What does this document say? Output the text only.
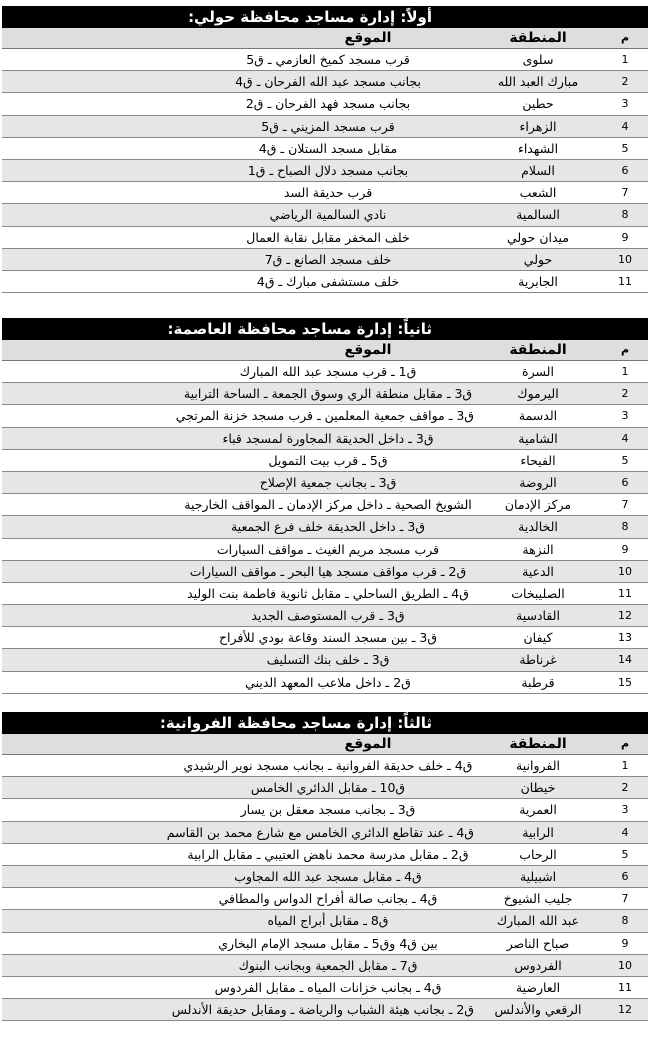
أولاً: إدارة مساجد محافظة حولي:
م
المنطقة
الموقع
1
سلوى
قرب مسجد كميخ العازمي ـ ق5
2
مبارك العبد الله
بجانب مسجد عبد الله الفرحان ـ ق4
3
حطين
بجانب مسجد فهد الفرحان ـ ق2
4
الزهراء
قرب مسجد المزيني ـ ق5
5
الشهداء
مقابل مسجد الستلان ـ ق4
6
السلام
بجانب مسجد دلال الصباح ـ ق1
7
الشعب
قرب حديقة السد
8
السالمية
نادي السالمية الرياضي
9
ميدان حولي
خلف المخفر مقابل نقابة العمال
10
حولي
خلف مسجد الصانع ـ ق7
11
الجابرية
خلف مستشفى مبارك ـ ق4
ثانياً: إدارة مساجد محافظة العاصمة:
م
المنطقة
الموقع
1
السرة
ق1 ـ قرب مسجد عبد الله المبارك
2
اليرموك
ق3 ـ مقابل منطقة الري وسوق الجمعة ـ الساحة الترابية
3
الدسمة
ق3 ـ مواقف جمعية المعلمين ـ قرب مسجد خزنة المرتجي
4
الشامية
ق3 ـ داخل الحديقة المجاورة لمسجد قباء
5
الفيحاء
ق5 ـ قرب بيت التمويل
6
الروضة
ق3 ـ بجانب جمعية الإصلاح
7
مركز الإدمان
الشويخ الصحية ـ داخل مركز الإدمان ـ المواقف الخارجية
8
الخالدية
ق3 ـ داخل الحديقة خلف فرع الجمعية
9
النزهة
قرب مسجد مريم الغيث ـ مواقف السيارات
10
الدعية
ق2 ـ قرب مواقف مسجد هيا البحر ـ مواقف السيارات
11
الصليبخات
ق4 ـ الطريق الساحلي ـ مقابل ثانوية فاطمة بنت الوليد
12
القادسية
ق3 ـ قرب المستوصف الجديد
13
كيفان
ق3 ـ بين مسجد السند وقاعة بودي للأفراح
14
غرناطة
ق3 ـ خلف بنك التسليف
15
قرطبة
ق2 ـ داخل ملاعب المعهد الديني
ثالثاً: إدارة مساجد محافظة الفروانية:
م
المنطقة
الموقع
1
الفروانية
ق4 ـ خلف حديقة الفروانية ـ بجانب مسجد نوير الرشيدي
2
خيطان
ق10 ـ مقابل الدائري الخامس
3
العمرية
ق3 ـ بجانب مسجد معقل بن يسار
4
الرابية
ق4 ـ عند تقاطع الدائري الخامس مع شارع محمد بن القاسم
5
الرحاب
ق2 ـ مقابل مدرسة محمد ناهض العتيبي ـ مقابل الرابية
6
اشبيلية
ق4 ـ مقابل مسجد عبد الله المجاوب
7
جليب الشيوخ
ق4 ـ بجانب صالة أفراح الدواس والمطافي
8
عبد الله المبارك
ق8 ـ مقابل أبراج المياه
9
صباح الناصر
بين ق4 وق5 ـ مقابل مسجد الإمام البخاري
10
الفردوس
ق7 ـ مقابل الجمعية وبجانب البنوك
11
العارضية
ق4 ـ بجانب خزانات المياه ـ مقابل الفردوس
12
الرقعي والأندلس
ق2 ـ بجانب هيئة الشباب والرياضة ـ ومقابل حديقة الأندلس
